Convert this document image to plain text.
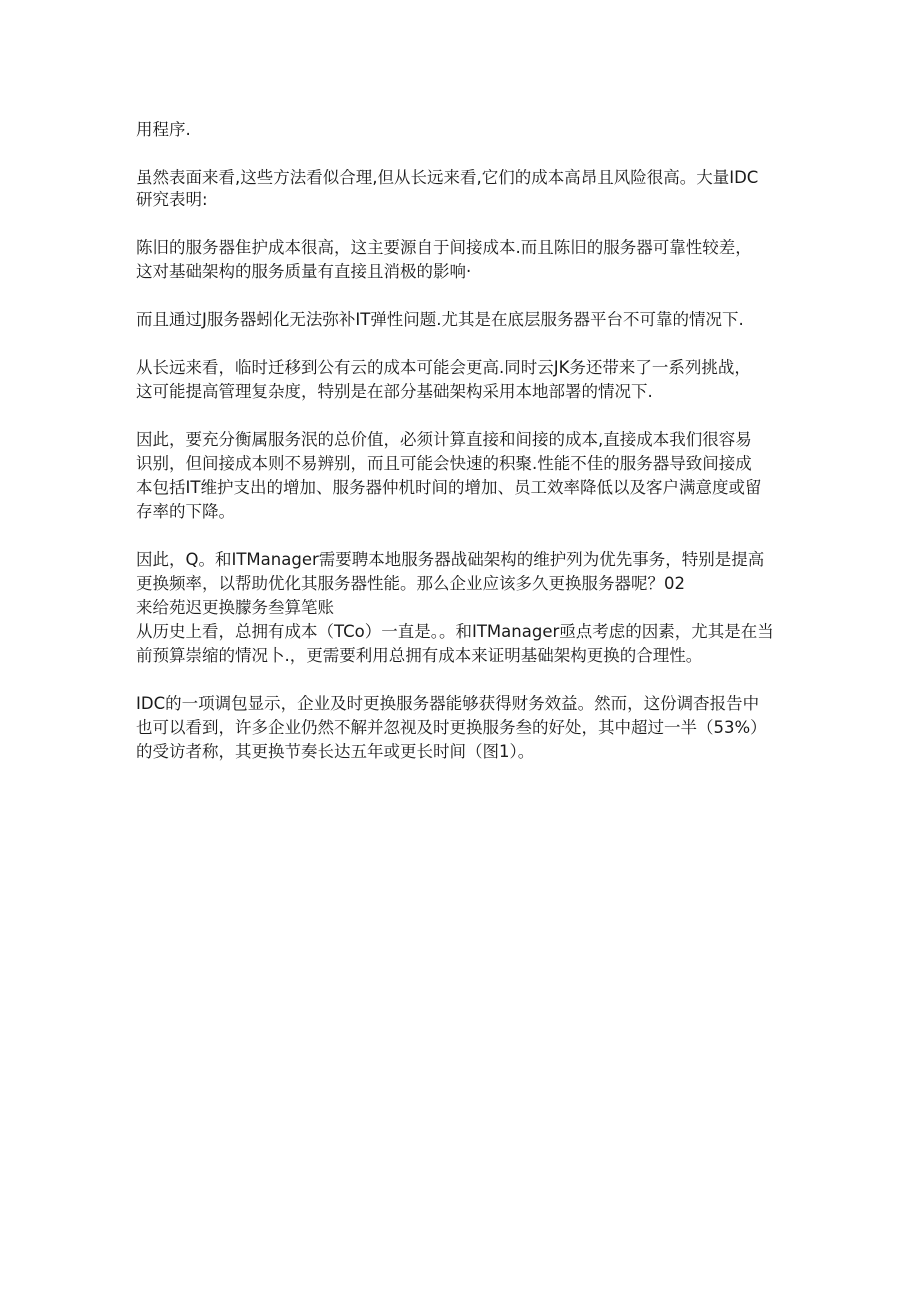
用程序.
虽然表面来看,这些方法看似合理,但从长远来看,它们的成本高昂且风险很高。大量IDC
研究表明:
陈旧的服务器隹护成本很高，这主要源自于间接成本.而且陈旧的服务器可靠性较差，
这对基础架构的服务质量有直接且消极的影响·
而且通过J服务器蚓化无法弥补IT弹性问题.尤其是在底层服务器平台不可靠的情况下.
从长远来看，临时迁移到公有云的成本可能会更高.同时云JK务还带来了一系列挑战，
这可能提高管理复杂度，特别是在部分基础架构采用本地部署的情况下.
因此，要充分衡属服务泯的总价值，必须计算直接和间接的成本,直接成本我们很容易
识别，但间接成本则不易辨别，而且可能会快速的积聚.性能不佳的服务器导致间接成
本包括IT维护支出的增加、服务器仲机时间的增加、员工效率降低以及客户满意度或留
存率的下降。
因此，Q。和ITManager需要聘本地服务器战础架构的维护列为优先事务，特别是提高
更换频率，以帮助优化其服务器性能。那么企业应该多久更换服务器呢？02
来给苑迟更换朦务叁算笔账
从历史上看，总拥有成本（TCo）一直是。。和ITManager亟点考虑的因素，尤其是在当
前预算崇缩的情况卜.，更需要利用总拥有成本来证明基础架构更换的合理性。
IDC的一项调包显示，企业及时更换服务器能够获得财务效益。然而，这份调杳报告中
也可以看到，许多企业仍然不解并忽视及时更换服务叁的好处，其中超过一半（53%）
的受访者称，其更换节奏长达五年或更长时间（图1）。
